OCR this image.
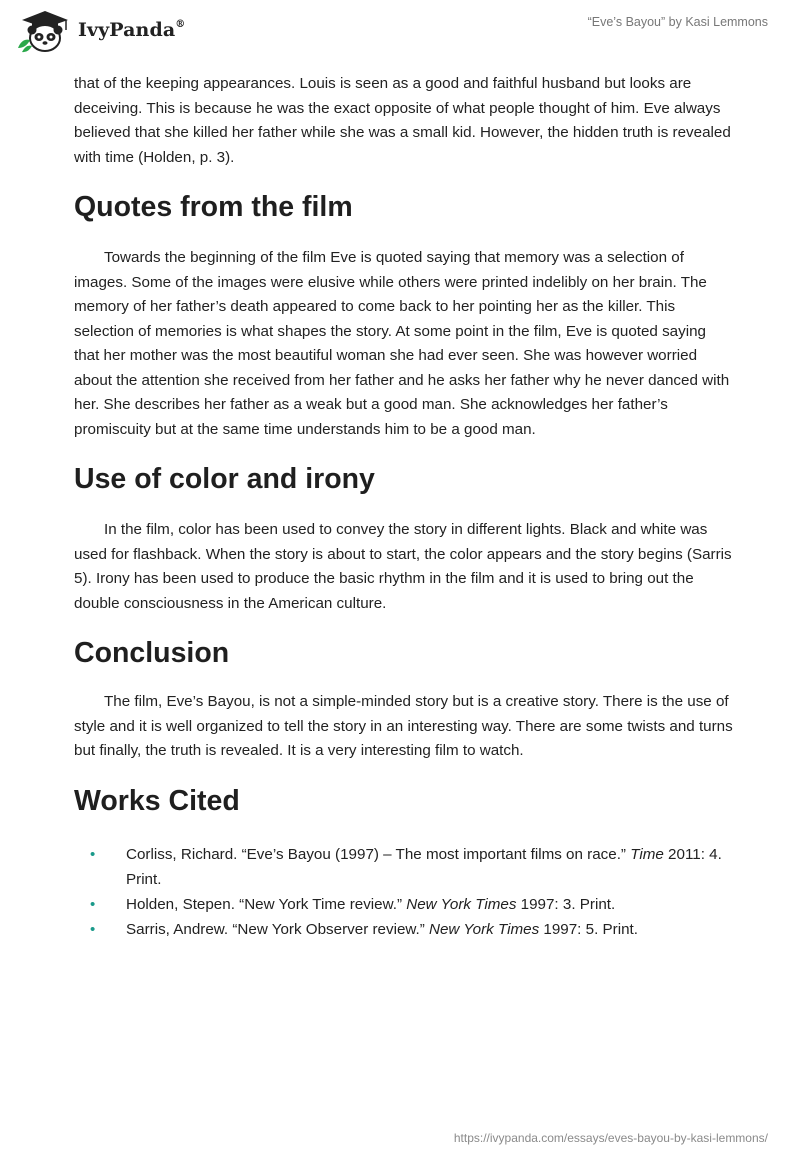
IvyPanda®	“Eve’s Bayou” by Kasi Lemmons

that of the keeping appearances. Louis is seen as a good and faithful husband but looks are deceiving. This is because he was the exact opposite of what people thought of him. Eve always believed that she killed her father while she was a small kid. However, the hidden truth is revealed with time (Holden, p. 3).

Quotes from the film

Towards the beginning of the film Eve is quoted saying that memory was a selection of images. Some of the images were elusive while others were printed indelibly on her brain. The memory of her father’s death appeared to come back to her pointing her as the killer. This selection of memories is what shapes the story. At some point in the film, Eve is quoted saying that her mother was the most beautiful woman she had ever seen. She was however worried about the attention she received from her father and he asks her father why he never danced with her. She describes her father as a weak but a good man. She acknowledges her father’s promiscuity but at the same time understands him to be a good man.

Use of color and irony

In the film, color has been used to convey the story in different lights. Black and white was used for flashback. When the story is about to start, the color appears and the story begins (Sarris 5). Irony has been used to produce the basic rhythm in the film and it is used to bring out the double consciousness in the American culture.

Conclusion

The film, Eve’s Bayou, is not a simple-minded story but is a creative story. There is the use of style and it is well organized to tell the story in an interesting way. There are some twists and turns but finally, the truth is revealed. It is a very interesting film to watch.

Works Cited
• Corliss, Richard. “Eve’s Bayou (1997) – The most important films on race.” Time 2011: 4. Print.
• Holden, Stepen. “New York Time review.” New York Times 1997: 3. Print.
• Sarris, Andrew. “New York Observer review.” New York Times 1997: 5. Print.
https://ivypanda.com/essays/eves-bayou-by-kasi-lemmons/
